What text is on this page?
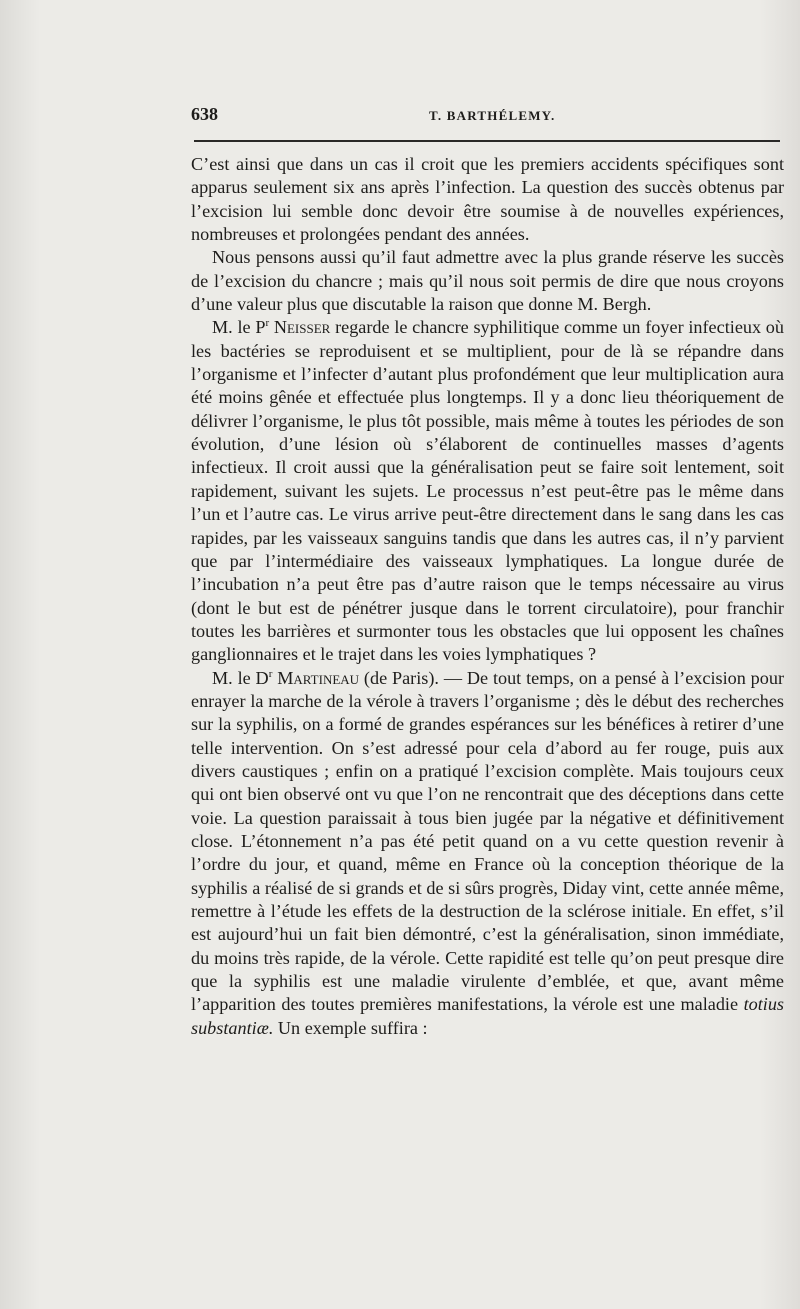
638	T. BARTHÉLEMY.

C’est ainsi que dans un cas il croit que les premiers accidents spécifiques sont apparus seulement six ans après l’infection. La question des succès obtenus par l’excision lui semble donc devoir être soumise à de nouvelles expériences, nombreuses et prolongées pendant des années.

Nous pensons aussi qu’il faut admettre avec la plus grande réserve les succès de l’excision du chancre ; mais qu’il nous soit permis de dire que nous croyons d’une valeur plus que discutable la raison que donne M. Bergh.

M. le $P^r$ Neisser regarde le chancre syphilitique comme un foyer infectieux où les bactéries se reproduisent et se multiplient, pour de là se répandre dans l’organisme et l’infecter d’autant plus profondément que leur multiplication aura été moins gênée et effectuée plus longtemps. Il y a donc lieu théoriquement de délivrer l’organisme, le plus tôt possible, mais même à toutes les périodes de son évolution, d’une lésion où s’élaborent de continuelles masses d’agents infectieux. Il croit aussi que la généralisation peut se faire soit lentement, soit rapidement, suivant les sujets. Le processus n’est peut-être pas le même dans l’un et l’autre cas. Le virus arrive peut-être directement dans le sang dans les cas rapides, par les vaisseaux sanguins tandis que dans les autres cas, il n’y parvient que par l’intermédiaire des vaisseaux lymphatiques. La longue durée de l’incubation n’a peut être pas d’autre raison que le temps nécessaire au virus (dont le but est de pénétrer jusque dans le torrent circulatoire), pour franchir toutes les barrières et surmonter tous les obstacles que lui opposent les chaînes ganglionnaires et le trajet dans les voies lymphatiques ?

M. le $D^r$ Martineau (de Paris). — De tout temps, on a pensé à l’excision pour enrayer la marche de la vérole à travers l’organisme ; dès le début des recherches sur la syphilis, on a formé de grandes espérances sur les bénéfices à retirer d’une telle intervention. On s’est adressé pour cela d’abord au fer rouge, puis aux divers caustiques ; enfin on a pratiqué l’excision complète. Mais toujours ceux qui ont bien observé ont vu que l’on ne rencontrait que des déceptions dans cette voie. La question paraissait à tous bien jugée par la négative et définitivement close. L’étonnement n’a pas été petit quand on a vu cette question revenir à l’ordre du jour, et quand, même en France où la conception théorique de la syphilis a réalisé de si grands et de si sûrs progrès, Diday vint, cette année même, remettre à l’étude les effets de la destruction de la sclérose initiale. En effet, s’il est aujourd’hui un fait bien démontré, c’est la généralisation, sinon immédiate, du moins très rapide, de la vérole. Cette rapidité est telle qu’on peut presque dire que la syphilis est une maladie virulente d’emblée, et que, avant même l’apparition des toutes premières manifestations, la vérole est une maladie totius substantiæ. Un exemple suffira :
